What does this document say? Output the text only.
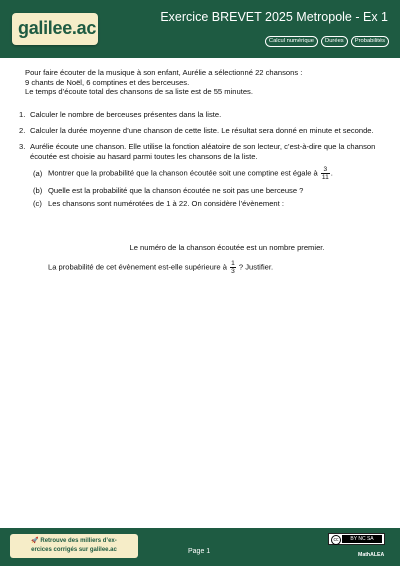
galilee.ac
Exercice BREVET 2025 Metropole - Ex 1
Calcul numérique	Durées	Probabilités
Pour faire écouter de la musique à son enfant, Aurélie a sélectionné 22 chansons :
9 chants de Noël, 6 comptines et des berceuses.
Le temps d’écoute total des chansons de sa liste est de 55 minutes.
1. Calculer le nombre de berceuses présentes dans la liste.
2. Calculer la durée moyenne d’une chanson de cette liste. Le résultat sera donné en minute et seconde.
3. Aurélie écoute une chanson. Elle utilise la fonction aléatoire de son lecteur, c’est-à-dire que la chanson écoutée est choisie au hasard parmi toutes les chansons de la liste.
(a) Montrer que la probabilité que la chanson écoutée soit une comptine est égale à $\frac{3}{11}$ .
(b) Quelle est la probabilité que la chanson écoutée ne soit pas une berceuse ?
(c) Les chansons sont numérotées de 1 à 22. On considère l’évènement :
Le numéro de la chanson écoutée est un nombre premier.
La probabilité de cet évènement est-elle supérieure à $\frac{1}{3}$ ? Justifier.
🚀 Retrouve des milliers d’ex-
ercices corrigés sur galilee.ac	Page 1
cc	BY NC SA
MathALEA
